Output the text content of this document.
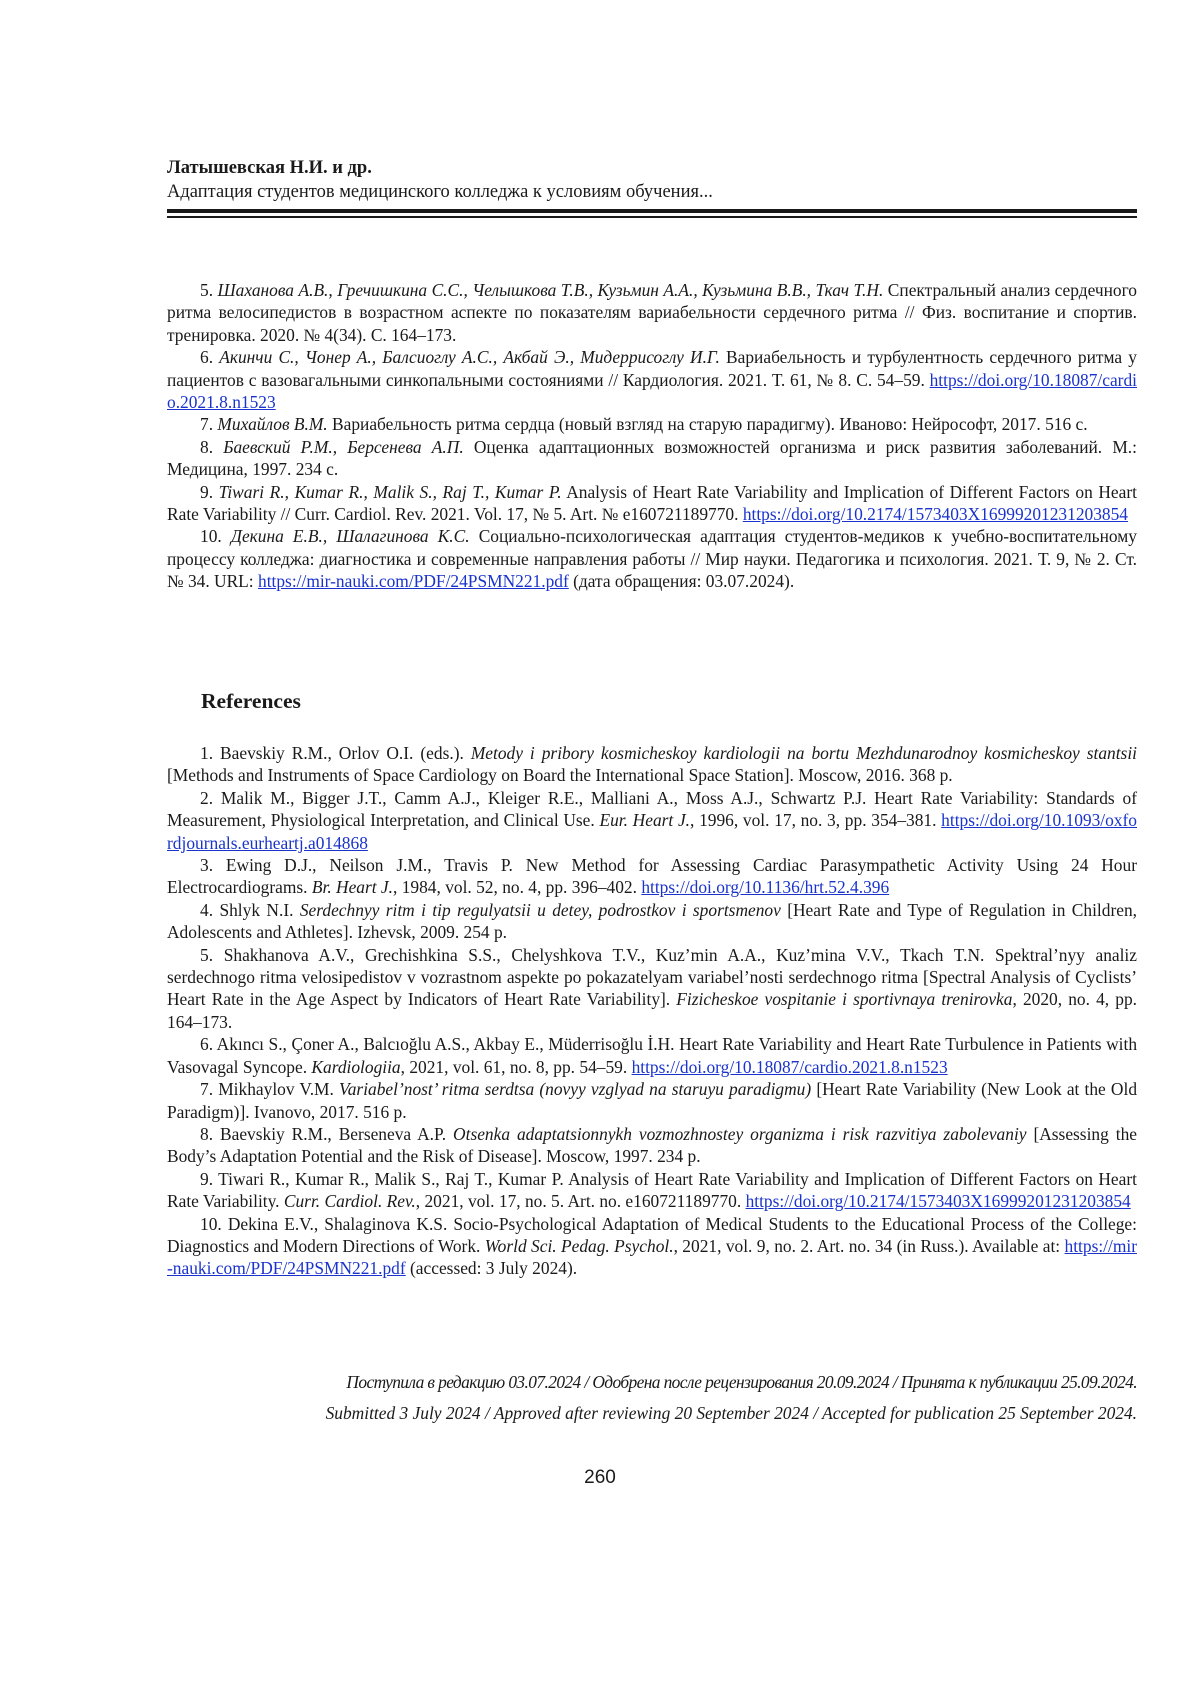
Латышевская Н.И. и др.
Адаптация студентов медицинского колледжа к условиям обучения...

5. Шаханова А.В., Гречишкина С.С., Челышкова Т.В., Кузьмин А.А., Кузьмина В.В., Ткач Т.Н. Спектральный анализ сердечного ритма велосипедистов в возрастном аспекте по показателям вариабельности сердечного ритма // Физ. воспитание и спортив. тренировка. 2020. № 4(34). С. 164–173.

6. Акинчи С., Чонер А., Балсиоглу А.С., Акбай Э., Мидеррисоглу И.Г. Вариабельность и турбулентность сердечного ритма у пациентов с вазовагальными синкопальными состояниями // Кардиология. 2021. Т. 61, № 8. С. 54–59. https://doi.org/10.18087/cardio.2021.8.n1523

7. Михайлов В.М. Вариабельность ритма сердца (новый взгляд на старую парадигму). Иваново: Нейрософт, 2017. 516 с.

8. Баевский Р.М., Берсенева А.П. Оценка адаптационных возможностей организма и риск развития заболеваний. М.: Медицина, 1997. 234 с.

9. Tiwari R., Kumar R., Malik S., Raj T., Kumar P. Analysis of Heart Rate Variability and Implication of Different Factors on Heart Rate Variability // Curr. Cardiol. Rev. 2021. Vol. 17, № 5. Art. № e160721189770. https://doi.org/10.2174/1573403X16999201231203854

10. Декина Е.В., Шалагинова К.С. Социально-психологическая адаптация студентов-медиков к учебно-воспитательному процессу колледжа: диагностика и современные направления работы // Мир науки. Педагогика и психология. 2021. Т. 9, № 2. Ст. № 34. URL: https://mir-nauki.com/PDF/24PSMN221.pdf (дата обращения: 03.07.2024).

References

1. Baevskiy R.M., Orlov O.I. (eds.). Metody i pribory kosmicheskoy kardiologii na bortu Mezhdunarodnoy kosmicheskoy stantsii [Methods and Instruments of Space Cardiology on Board the International Space Station]. Moscow, 2016. 368 p.

2. Malik M., Bigger J.T., Camm A.J., Kleiger R.E., Malliani A., Moss A.J., Schwartz P.J. Heart Rate Variability: Standards of Measurement, Physiological Interpretation, and Clinical Use. Eur. Heart J., 1996, vol. 17, no. 3, pp. 354–381. https://doi.org/10.1093/oxfordjournals.eurheartj.a014868

3. Ewing D.J., Neilson J.M., Travis P. New Method for Assessing Cardiac Parasympathetic Activity Using 24 Hour Electrocardiograms. Br. Heart J., 1984, vol. 52, no. 4, pp. 396–402. https://doi.org/10.1136/hrt.52.4.396

4. Shlyk N.I. Serdechnyy ritm i tip regulyatsii u detey, podrostkov i sportsmenov [Heart Rate and Type of Regulation in Children, Adolescents and Athletes]. Izhevsk, 2009. 254 p.

5. Shakhanova A.V., Grechishkina S.S., Chelyshkova T.V., Kuz’min A.A., Kuz’mina V.V., Tkach T.N. Spektral’nyy analiz serdechnogo ritma velosipedistov v vozrastnom aspekte po pokazatelyam variabel’nosti serdechnogo ritma [Spectral Analysis of Cyclists’ Heart Rate in the Age Aspect by Indicators of Heart Rate Variability]. Fizicheskoe vospitanie i sportivnaya trenirovka, 2020, no. 4, pp. 164–173.

6. Akıncı S., Çoner A., Balcıoğlu A.S., Akbay E., Müderrisoğlu İ.H. Heart Rate Variability and Heart Rate Turbulence in Patients with Vasovagal Syncope. Kardiologiia, 2021, vol. 61, no. 8, pp. 54–59. https://doi.org/10.18087/cardio.2021.8.n1523

7. Mikhaylov V.M. Variabel’nost’ ritma serdtsa (novyy vzglyad na staruyu paradigmu) [Heart Rate Variability (New Look at the Old Paradigm)]. Ivanovo, 2017. 516 p.

8. Baevskiy R.M., Berseneva A.P. Otsenka adaptatsionnykh vozmozhnostey organizma i risk razvitiya zabolevaniy [Assessing the Body’s Adaptation Potential and the Risk of Disease]. Moscow, 1997. 234 p.

9. Tiwari R., Kumar R., Malik S., Raj T., Kumar P. Analysis of Heart Rate Variability and Implication of Different Factors on Heart Rate Variability. Curr. Cardiol. Rev., 2021, vol. 17, no. 5. Art. no. e160721189770. https://doi.org/10.2174/1573403X16999201231203854

10. Dekina E.V., Shalaginova K.S. Socio-Psychological Adaptation of Medical Students to the Educational Process of the College: Diagnostics and Modern Directions of Work. World Sci. Pedag. Psychol., 2021, vol. 9, no. 2. Art. no. 34 (in Russ.). Available at: https://mir-nauki.com/PDF/24PSMN221.pdf (accessed: 3 July 2024).

Поступила в редакцию 03.07.2024 / Одобрена после рецензирования 20.09.2024 / Принята к публикации 25.09.2024.
Submitted 3 July 2024 / Approved after reviewing 20 September 2024 / Accepted for publication 25 September 2024.
260
